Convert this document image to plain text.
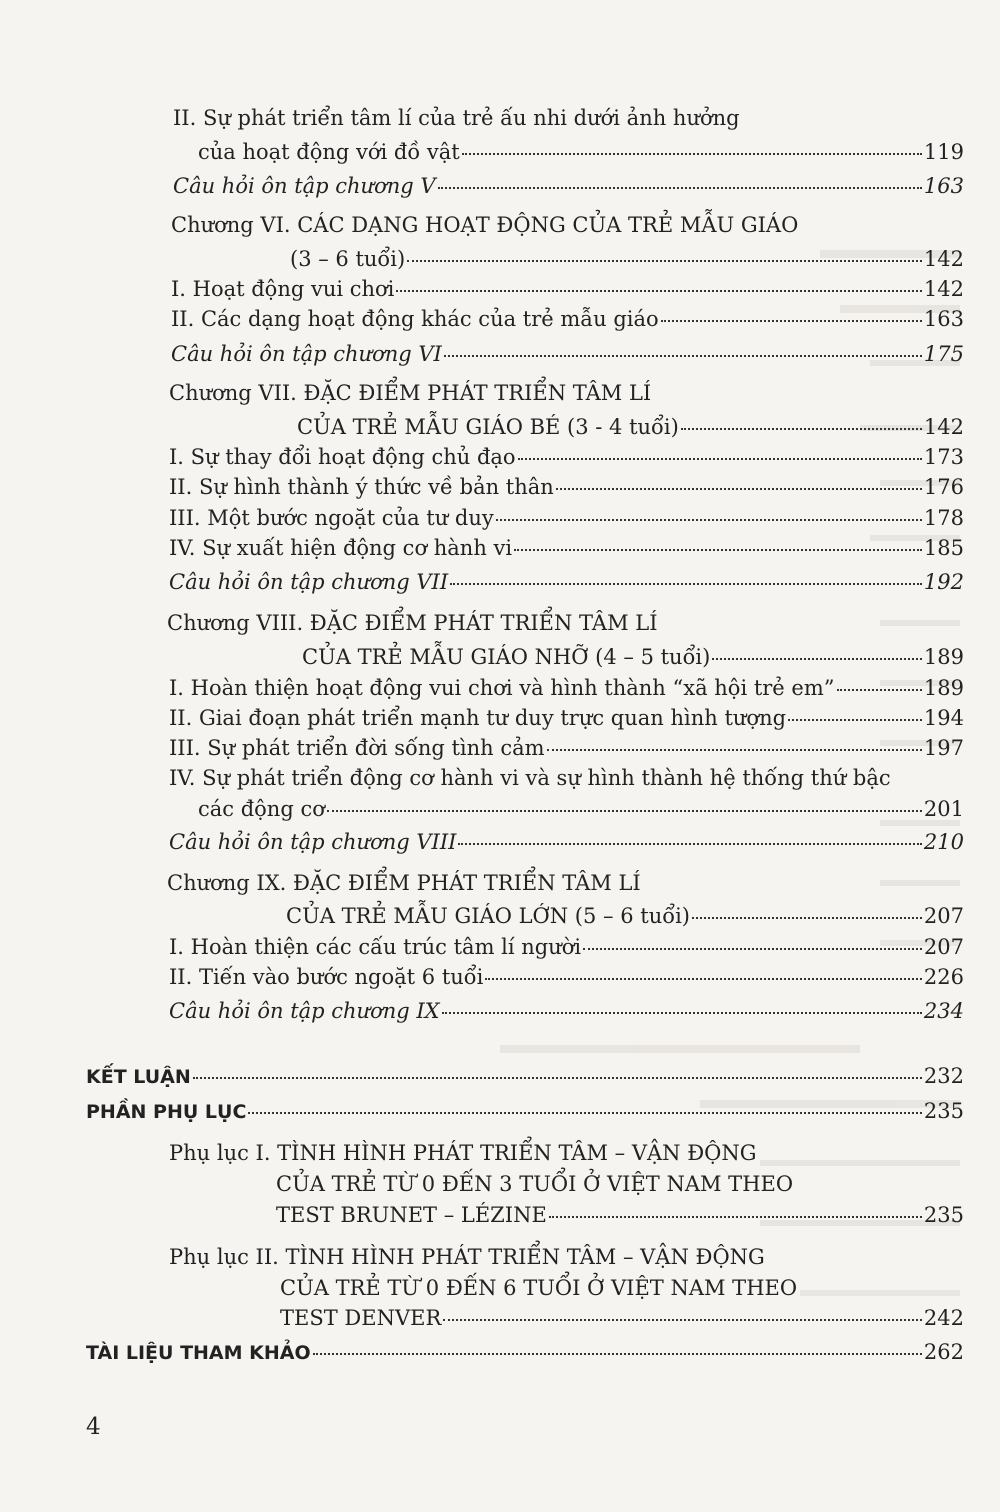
II. Sự phát triển tâm lí của trẻ ấu nhi dưới ảnh hưởng
của hoạt động với đồ vật	119
Câu hỏi ôn tập chương V	163
Chương VI. CÁC DẠNG HOẠT ĐỘNG CỦA TRẺ MẪU GIÁO
(3 – 6 tuổi)	142
I. Hoạt động vui chơi	142
II. Các dạng hoạt động khác của trẻ mẫu giáo	163
Câu hỏi ôn tập chương VI	175
Chương VII. ĐẶC ĐIỂM PHÁT TRIỂN TÂM LÍ
CỦA TRẺ MẪU GIÁO BÉ (3 - 4 tuổi)	142
I. Sự thay đổi hoạt động chủ đạo	173
II. Sự hình thành ý thức về bản thân	176
III. Một bước ngoặt của tư duy	178
IV. Sự xuất hiện động cơ hành vi	185
Câu hỏi ôn tập chương VII	192
Chương VIII. ĐẶC ĐIỂM PHÁT TRIỂN TÂM LÍ
CỦA TRẺ MẪU GIÁO NHỠ (4 – 5 tuổi)	189
I. Hoàn thiện hoạt động vui chơi và hình thành “xã hội trẻ em”	189
II. Giai đoạn phát triển mạnh tư duy trực quan hình tượng	194
III. Sự phát triển đời sống tình cảm	197
IV. Sự phát triển động cơ hành vi và sự hình thành hệ thống thứ bậc
các động cơ	201
Câu hỏi ôn tập chương VIII	210
Chương IX. ĐẶC ĐIỂM PHÁT TRIỂN TÂM LÍ
CỦA TRẺ MẪU GIÁO LỚN (5 – 6 tuổi)	207
I. Hoàn thiện các cấu trúc tâm lí người	207
II. Tiến vào bước ngoặt 6 tuổi	226
Câu hỏi ôn tập chương IX	234
KẾT LUẬN	232
PHẦN PHỤ LỤC	235
Phụ lục I. TÌNH HÌNH PHÁT TRIỂN TÂM – VẬN ĐỘNG
CỦA TRẺ TỪ 0 ĐẾN 3 TUỔI Ở VIỆT NAM THEO
TEST BRUNET – LÉZINE	235
Phụ lục II. TÌNH HÌNH PHÁT TRIỂN TÂM – VẬN ĐỘNG
CỦA TRẺ TỪ 0 ĐẾN 6 TUỔI Ở VIỆT NAM THEO
TEST DENVER	242
TÀI LIỆU THAM KHẢO	262
4
